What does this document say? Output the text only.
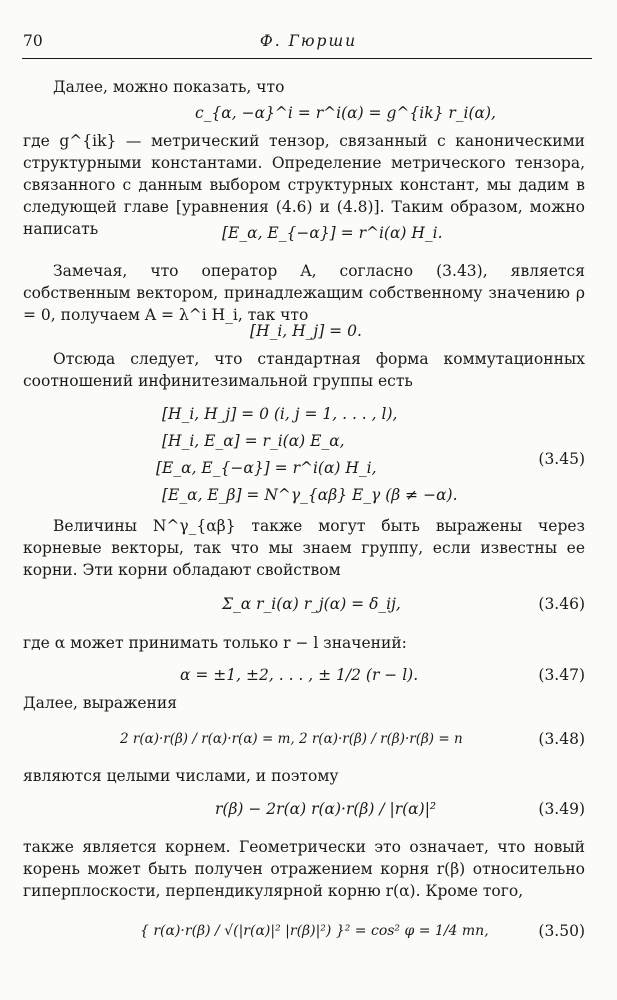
70	Ф. Гюрши
Далее, можно показать, что
c_{α, −α}^i = r^i(α) = g^{ik} r_i(α),
где g^{ik} — метрический тензор, связанный с каноническими структурными константами. Определение метрического тензора, связанного с данным выбором структурных констант, мы дадим в следующей главе [уравнения (4.6) и (4.8)]. Таким образом, можно написать	[E_α, E_{−α}] = r^i(α) H_i.
Замечая, что оператор A, согласно (3.43), является собственным вектором, принадлежащим собственному значению ρ = 0, получаем A = λ^i H_i, так что
[H_i, H_j] = 0.
Отсюда следует, что стандартная форма коммутационных соотношений инфинитезимальной группы есть
[H_i, H_j] = 0 (i, j = 1, . . . , l),
[H_i, E_α] = r_i(α) E_α,
[E_α, E_{−α}] = r^i(α) H_i,
[E_α, E_β] = N^γ_{αβ} E_γ (β ≠ −α).
(3.45)
Величины N^γ_{αβ} также могут быть выражены через корневые векторы, так что мы знаем группу, если известны ее корни. Эти корни обладают свойством
Σ_α r_i(α) r_j(α) = δ_ij,	(3.46)
где α может принимать только r − l значений:
α = ±1, ±2, . . . , ± 1/2 (r − l).	(3.47)
Далее, выражения
2 r(α)·r(β) / r(α)·r(α) = m, 2 r(α)·r(β) / r(β)·r(β) = n	(3.48)
являются целыми числами, и поэтому
r(β) − 2r(α) r(α)·r(β) / |r(α)|²	(3.49)
также является корнем. Геометрически это означает, что новый корень может быть получен отражением корня r(β) относительно гиперплоскости, перпендикулярной корню r(α). Кроме того,
{ r(α)·r(β) / √(|r(α)|² |r(β)|²) }² = cos² φ = 1/4 mn,	(3.50)
